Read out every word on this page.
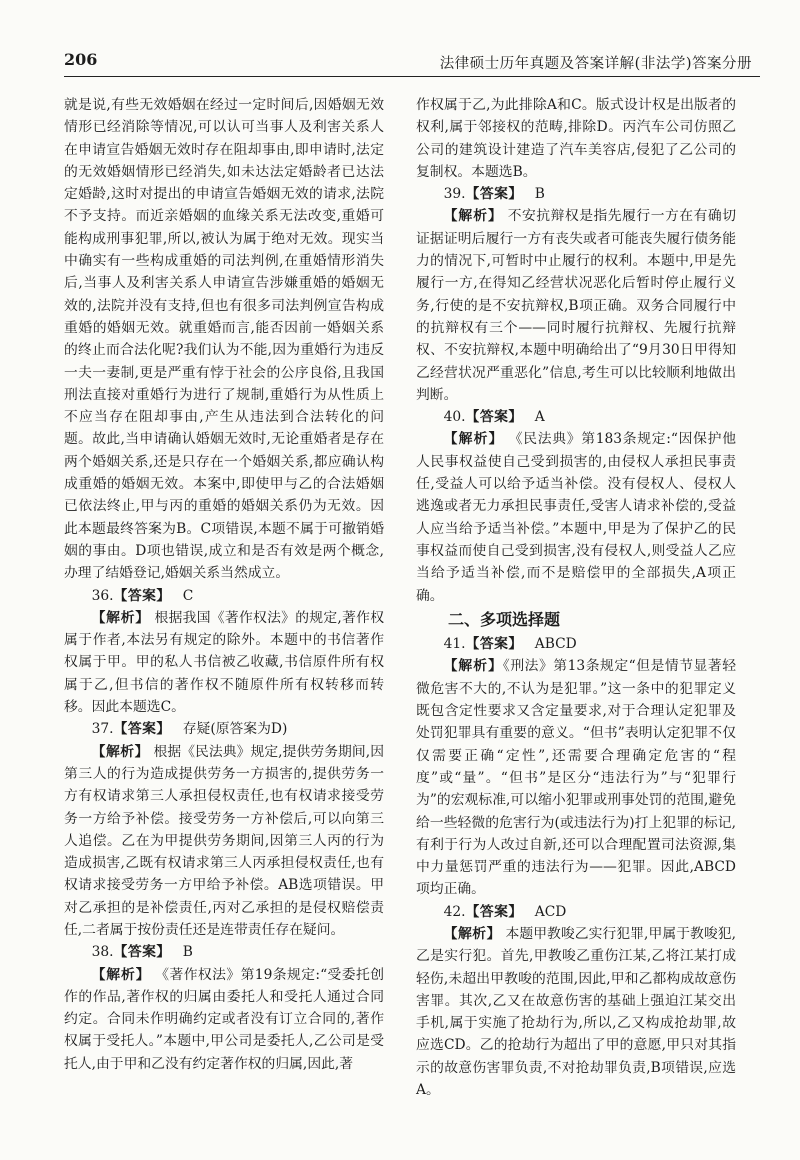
206	法律硕士历年真题及答案详解(非法学)答案分册

就是说,有些无效婚姻在经过一定时间后,因婚姻无效情形已经消除等情况,可以认可当事人及利害关系人在申请宣告婚姻无效时存在阻却事由,即申请时,法定的无效婚姻情形已经消失,如未达法定婚龄者已达法定婚龄,这时对提出的申请宣告婚姻无效的请求,法院不予支持。而近亲婚姻的血缘关系无法改变,重婚可能构成刑事犯罪,所以,被认为属于绝对无效。现实当中确实有一些构成重婚的司法判例,在重婚情形消失后,当事人及利害关系人申请宣告涉嫌重婚的婚姻无效的,法院并没有支持,但也有很多司法判例宣告构成重婚的婚姻无效。就重婚而言,能否因前一婚姻关系的终止而合法化呢?我们认为不能,因为重婚行为违反一夫一妻制,更是严重有悖于社会的公序良俗,且我国刑法直接对重婚行为进行了规制,重婚行为从性质上不应当存在阻却事由,产生从违法到合法转化的问题。故此,当申请确认婚姻无效时,无论重婚者是存在两个婚姻关系,还是只存在一个婚姻关系,都应确认构成重婚的婚姻无效。本案中,即使甲与乙的合法婚姻已依法终止,甲与丙的重婚的婚姻关系仍为无效。因此本题最终答案为B。C项错误,本题不属于可撤销婚姻的事由。D项也错误,成立和是否有效是两个概念,办理了结婚登记,婚姻关系当然成立。

36.【答案】 C

【解析】 根据我国《著作权法》的规定,著作权属于作者,本法另有规定的除外。本题中的书信著作权属于甲。甲的私人书信被乙收藏,书信原件所有权属于乙,但书信的著作权不随原件所有权转移而转移。因此本题选C。

37.【答案】 存疑(原答案为D)

【解析】 根据《民法典》规定,提供劳务期间,因第三人的行为造成提供劳务一方损害的,提供劳务一方有权请求第三人承担侵权责任,也有权请求接受劳务一方给予补偿。接受劳务一方补偿后,可以向第三人追偿。乙在为甲提供劳务期间,因第三人丙的行为造成损害,乙既有权请求第三人丙承担侵权责任,也有权请求接受劳务一方甲给予补偿。AB选项错误。甲对乙承担的是补偿责任,丙对乙承担的是侵权赔偿责任,二者属于按份责任还是连带责任存在疑问。

38.【答案】 B

【解析】 《著作权法》第19条规定:“受委托创作的作品,著作权的归属由委托人和受托人通过合同约定。合同未作明确约定或者没有订立合同的,著作权属于受托人。”本题中,甲公司是委托人,乙公司是受托人,由于甲和乙没有约定著作权的归属,因此,著

作权属于乙,为此排除A和C。版式设计权是出版者的权利,属于邻接权的范畴,排除D。丙汽车公司仿照乙公司的建筑设计建造了汽车美容店,侵犯了乙公司的复制权。本题选B。

39.【答案】 B

【解析】 不安抗辩权是指先履行一方在有确切证据证明后履行一方有丧失或者可能丧失履行债务能力的情况下,可暂时中止履行的权利。本题中,甲是先履行一方,在得知乙经营状况恶化后暂时停止履行义务,行使的是不安抗辩权,B项正确。双务合同履行中的抗辩权有三个——同时履行抗辩权、先履行抗辩权、不安抗辩权,本题中明确给出了“9月30日甲得知乙经营状况严重恶化”信息,考生可以比较顺利地做出判断。

40.【答案】 A

【解析】 《民法典》第183条规定:“因保护他人民事权益使自己受到损害的,由侵权人承担民事责任,受益人可以给予适当补偿。没有侵权人、侵权人逃逸或者无力承担民事责任,受害人请求补偿的,受益人应当给予适当补偿。”本题中,甲是为了保护乙的民事权益而使自己受到损害,没有侵权人,则受益人乙应当给予适当补偿,而不是赔偿甲的全部损失,A项正确。

二、多项选择题

41.【答案】 ABCD

【解析】《刑法》第13条规定“但是情节显著轻微危害不大的,不认为是犯罪。”这一条中的犯罪定义既包含定性要求又含定量要求,对于合理认定犯罪及处罚犯罪具有重要的意义。“但书”表明认定犯罪不仅仅需要正确“定性”,还需要合理确定危害的“程度”或“量”。“但书”是区分“违法行为”与“犯罪行为”的宏观标准,可以缩小犯罪或刑事处罚的范围,避免给一些轻微的危害行为(或违法行为)打上犯罪的标记,有利于行为人改过自新,还可以合理配置司法资源,集中力量惩罚严重的违法行为——犯罪。因此,ABCD项均正确。

42.【答案】 ACD

【解析】 本题甲教唆乙实行犯罪,甲属于教唆犯,乙是实行犯。首先,甲教唆乙重伤江某,乙将江某打成轻伤,未超出甲教唆的范围,因此,甲和乙都构成故意伤害罪。其次,乙又在故意伤害的基础上强迫江某交出手机,属于实施了抢劫行为,所以,乙又构成抢劫罪,故应选CD。乙的抢劫行为超出了甲的意愿,甲只对其指示的故意伤害罪负责,不对抢劫罪负责,B项错误,应选A。
